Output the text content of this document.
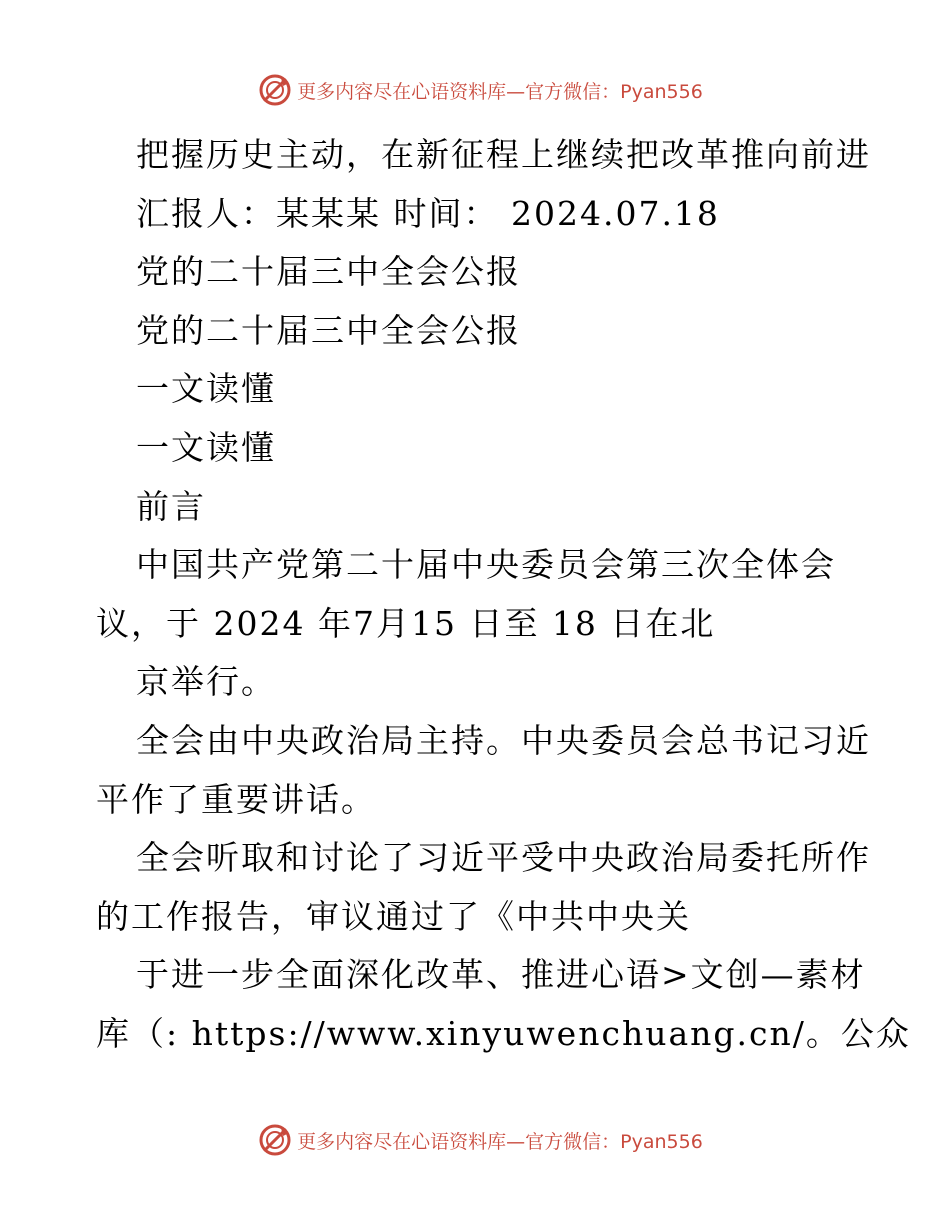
更多内容尽在心语资料库—官方微信：Pyan556
把握历史主动，在新征程上继续把改革推向前进
汇报人：某某某 时间： 2024.07.18
党的二十届三中全会公报
党的二十届三中全会公报
一文读懂
一文读懂
前言
中国共产党第二十届中央委员会第三次全体会
议，于 2024 年7月15 日至 18 日在北
京举行。
全会由中央政治局主持。中央委员会总书记习近
平作了重要讲话。
全会听取和讨论了习近平受中央政治局委托所作
的工作报告，审议通过了《中共中央关
于进一步全面深化改革、推进心语>文创—素材
库（: https://www.xinyuwenchuang.cn/。公众
更多内容尽在心语资料库—官方微信：Pyan556
